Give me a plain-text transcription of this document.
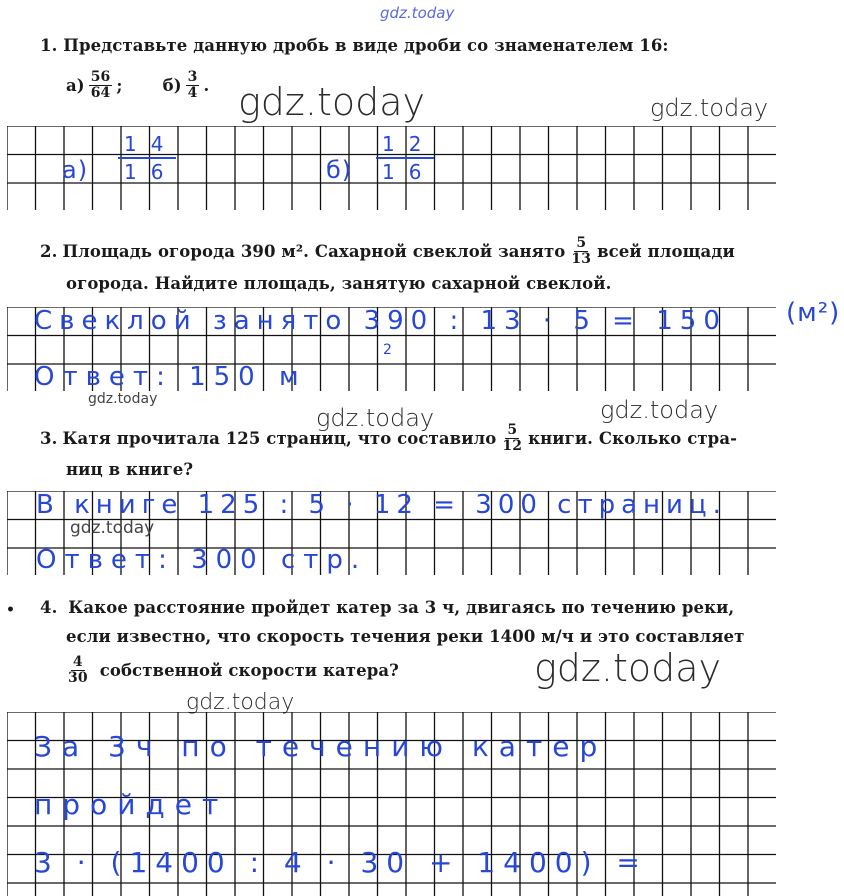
gdz.today
1. Представьте данную дробь в виде дроби со знаменателем 16:
$а) \frac{56}{64}$ ; $б) \frac{3}{4}$ . gdz.today	gdz.today
а)
14
16	б)
12
16
2. Площадь огорода 390 м². Сахарной свеклой занято $\frac{5}{13}$ всей площади
огорода. Найдите площадь, занятую сахарной свеклой.
Свеклой занято 390 : 13 · 5 = 150 (м²)
2
Ответ: 150 м
gdz.today
gdz.today	gdz.today
3. Катя прочитала 125 страниц, что составило $\frac{5}{12}$ книги. Сколько стра-
ниц в книге?
В книге 125 : 5 · 12 = 300 страниц.
Ответ: 300 стр.
gdz.today
• 4. Какое расстояние пройдет катер за 3 ч, двигаясь по течению реки,
если известно, что скорость течения реки 1400 м/ч и это составляет
$\frac{4}{30}$ собственной скорости катера?	gdz.today
gdz.today
За 3ч по течению катер
пройдет
3 · (1400 : 4 · 30 + 1400) =
